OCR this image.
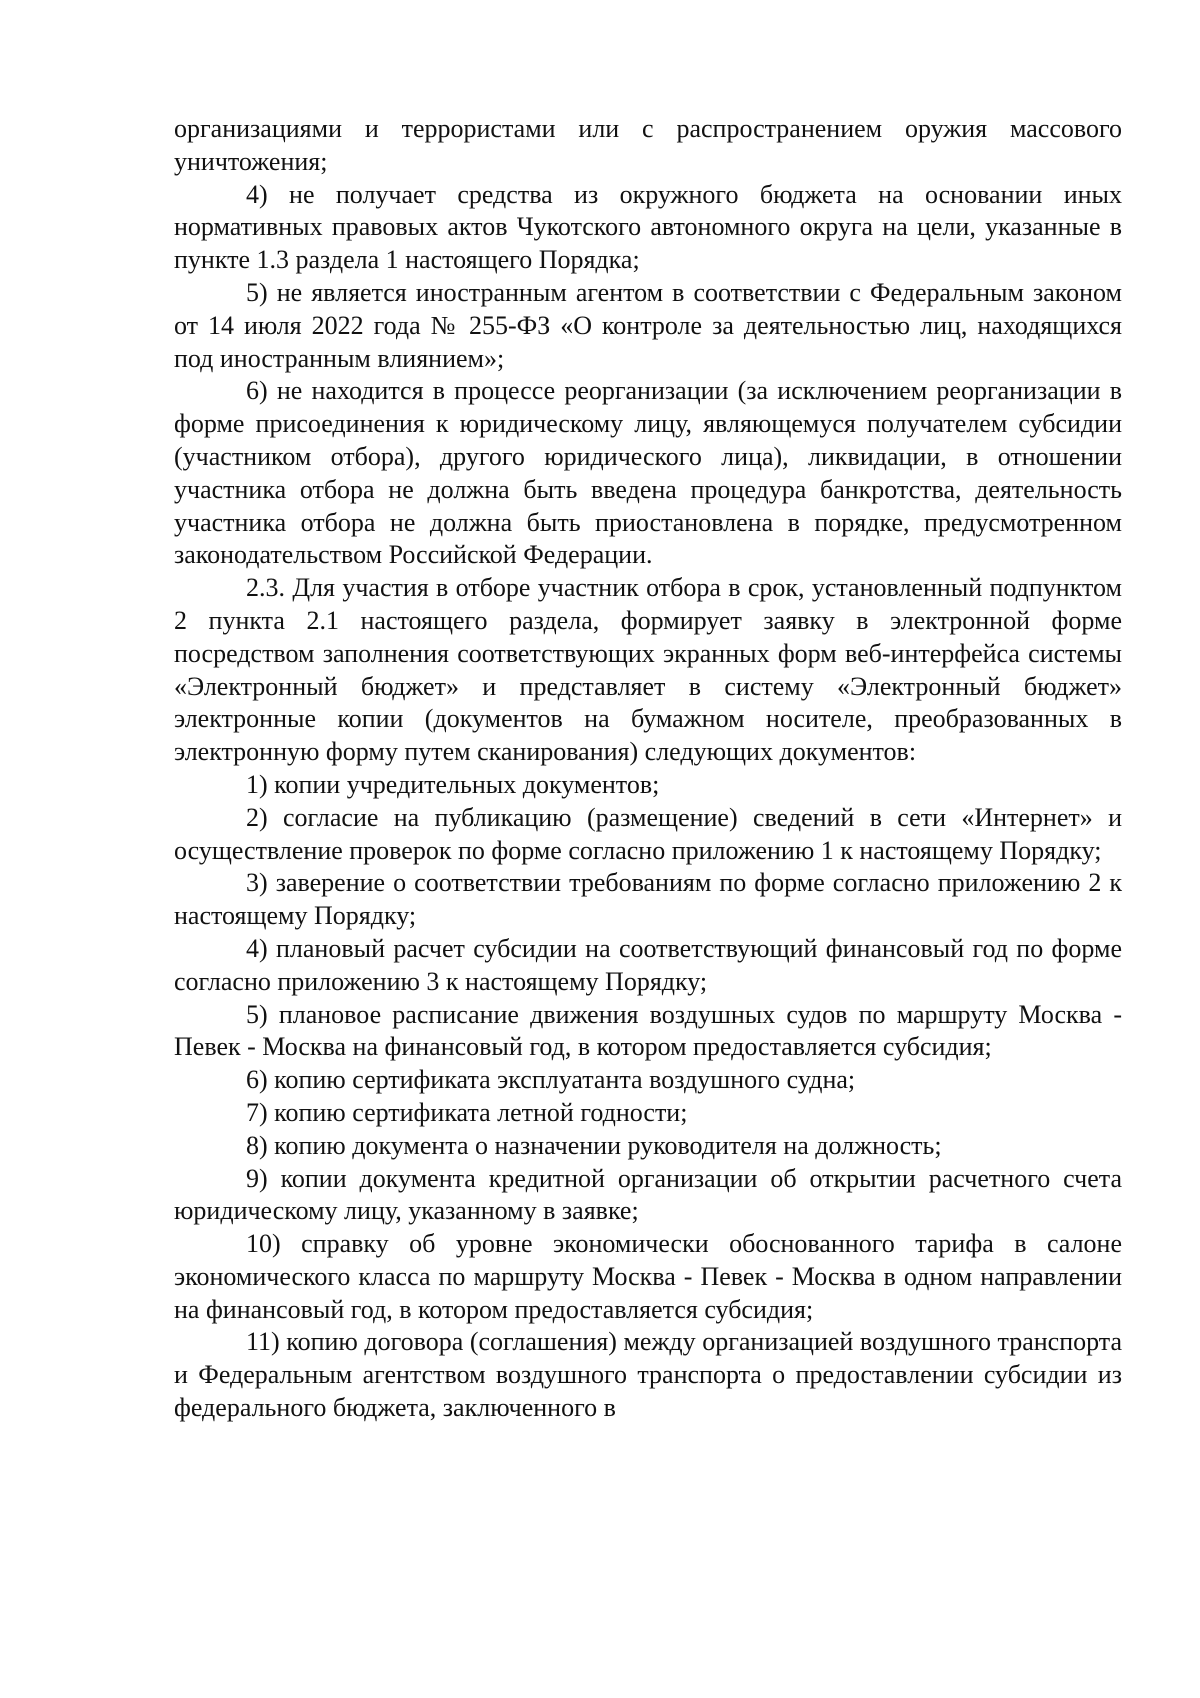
организациями и террористами или с распространением оружия массового уничтожения;

4) не получает средства из окружного бюджета на основании иных нормативных правовых актов Чукотского автономного округа на цели, указанные в пункте 1.3 раздела 1 настоящего Порядка;

5) не является иностранным агентом в соответствии с Федеральным законом от 14 июля 2022 года № 255-ФЗ «О контроле за деятельностью лиц, находящихся под иностранным влиянием»;

6) не находится в процессе реорганизации (за исключением реорганизации в форме присоединения к юридическому лицу, являющемуся получателем субсидии (участником отбора), другого юридического лица), ликвидации, в отношении участника отбора не должна быть введена процедура банкротства, деятельность участника отбора не должна быть приостановлена в порядке, предусмотренном законодательством Российской Федерации.

2.3. Для участия в отборе участник отбора в срок, установленный подпунктом 2 пункта 2.1 настоящего раздела, формирует заявку в электронной форме посредством заполнения соответствующих экранных форм веб-интерфейса системы «Электронный бюджет» и представляет в систему «Электронный бюджет» электронные копии (документов на бумажном носителе, преобразованных в электронную форму путем сканирования) следующих документов:

1) копии учредительных документов;

2) согласие на публикацию (размещение) сведений в сети «Интернет» и осуществление проверок по форме согласно приложению 1 к настоящему Порядку;

3) заверение о соответствии требованиям по форме согласно приложению 2 к настоящему Порядку;

4) плановый расчет субсидии на соответствующий финансовый год по форме согласно приложению 3 к настоящему Порядку;

5) плановое расписание движения воздушных судов по маршруту Москва - Певек - Москва на финансовый год, в котором предоставляется субсидия;

6) копию сертификата эксплуатанта воздушного судна;

7) копию сертификата летной годности;

8) копию документа о назначении руководителя на должность;

9) копии документа кредитной организации об открытии расчетного счета юридическому лицу, указанному в заявке;

10) справку об уровне экономически обоснованного тарифа в салоне экономического класса по маршруту Москва - Певек - Москва в одном направлении на финансовый год, в котором предоставляется субсидия;

11) копию договора (соглашения) между организацией воздушного транспорта и Федеральным агентством воздушного транспорта о предоставлении субсидии из федерального бюджета, заключенного в
